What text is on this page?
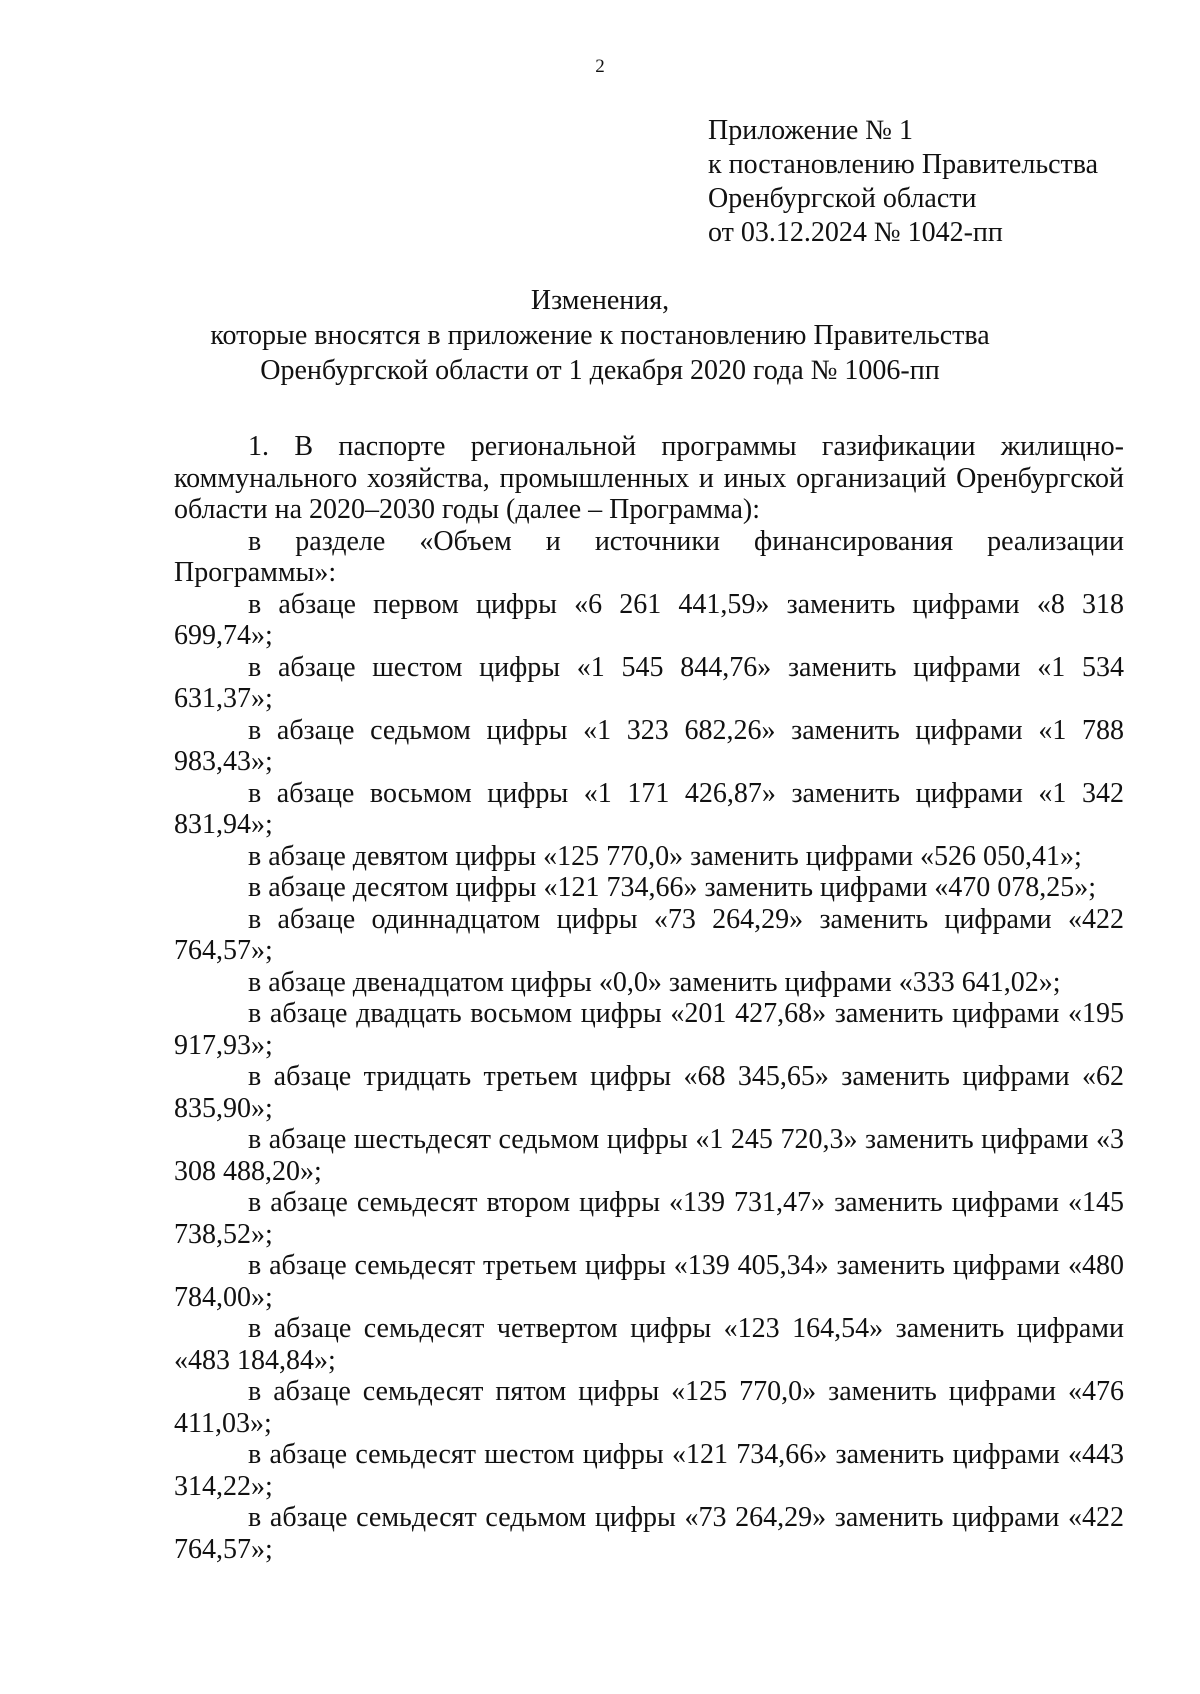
2
Приложение № 1
к постановлению Правительства
Оренбургской области
от 03.12.2024 № 1042-пп
Изменения,
которые вносятся в приложение к постановлению Правительства
Оренбургской области от 1 декабря 2020 года № 1006-пп

1. В паспорте региональной программы газификации жилищно-коммунального хозяйства, промышленных и иных организаций Оренбургской области на 2020–2030 годы (далее – Программа):

в разделе «Объем и источники финансирования реализации Программы»:

в абзаце первом цифры «6 261 441,59» заменить цифрами «8 318 699,74»;

в абзаце шестом цифры «1 545 844,76» заменить цифрами «1 534 631,37»;

в абзаце седьмом цифры «1 323 682,26» заменить цифрами «1 788 983,43»;

в абзаце восьмом цифры «1 171 426,87» заменить цифрами «1 342 831,94»;

в абзаце девятом цифры «125 770,0» заменить цифрами «526 050,41»;

в абзаце десятом цифры «121 734,66» заменить цифрами «470 078,25»;

в абзаце одиннадцатом цифры «73 264,29» заменить цифрами «422 764,57»;

в абзаце двенадцатом цифры «0,0» заменить цифрами «333 641,02»;

в абзаце двадцать восьмом цифры «201 427,68» заменить цифрами «195 917,93»;

в абзаце тридцать третьем цифры «68 345,65» заменить цифрами «62 835,90»;

в абзаце шестьдесят седьмом цифры «1 245 720,3» заменить цифрами «3 308 488,20»;

в абзаце семьдесят втором цифры «139 731,47» заменить цифрами «145 738,52»;

в абзаце семьдесят третьем цифры «139 405,34» заменить цифрами «480 784,00»;

в абзаце семьдесят четвертом цифры «123 164,54» заменить цифрами «483 184,84»;

в абзаце семьдесят пятом цифры «125 770,0» заменить цифрами «476 411,03»;

в абзаце семьдесят шестом цифры «121 734,66» заменить цифрами «443 314,22»;

в абзаце семьдесят седьмом цифры «73 264,29» заменить цифрами «422 764,57»;
